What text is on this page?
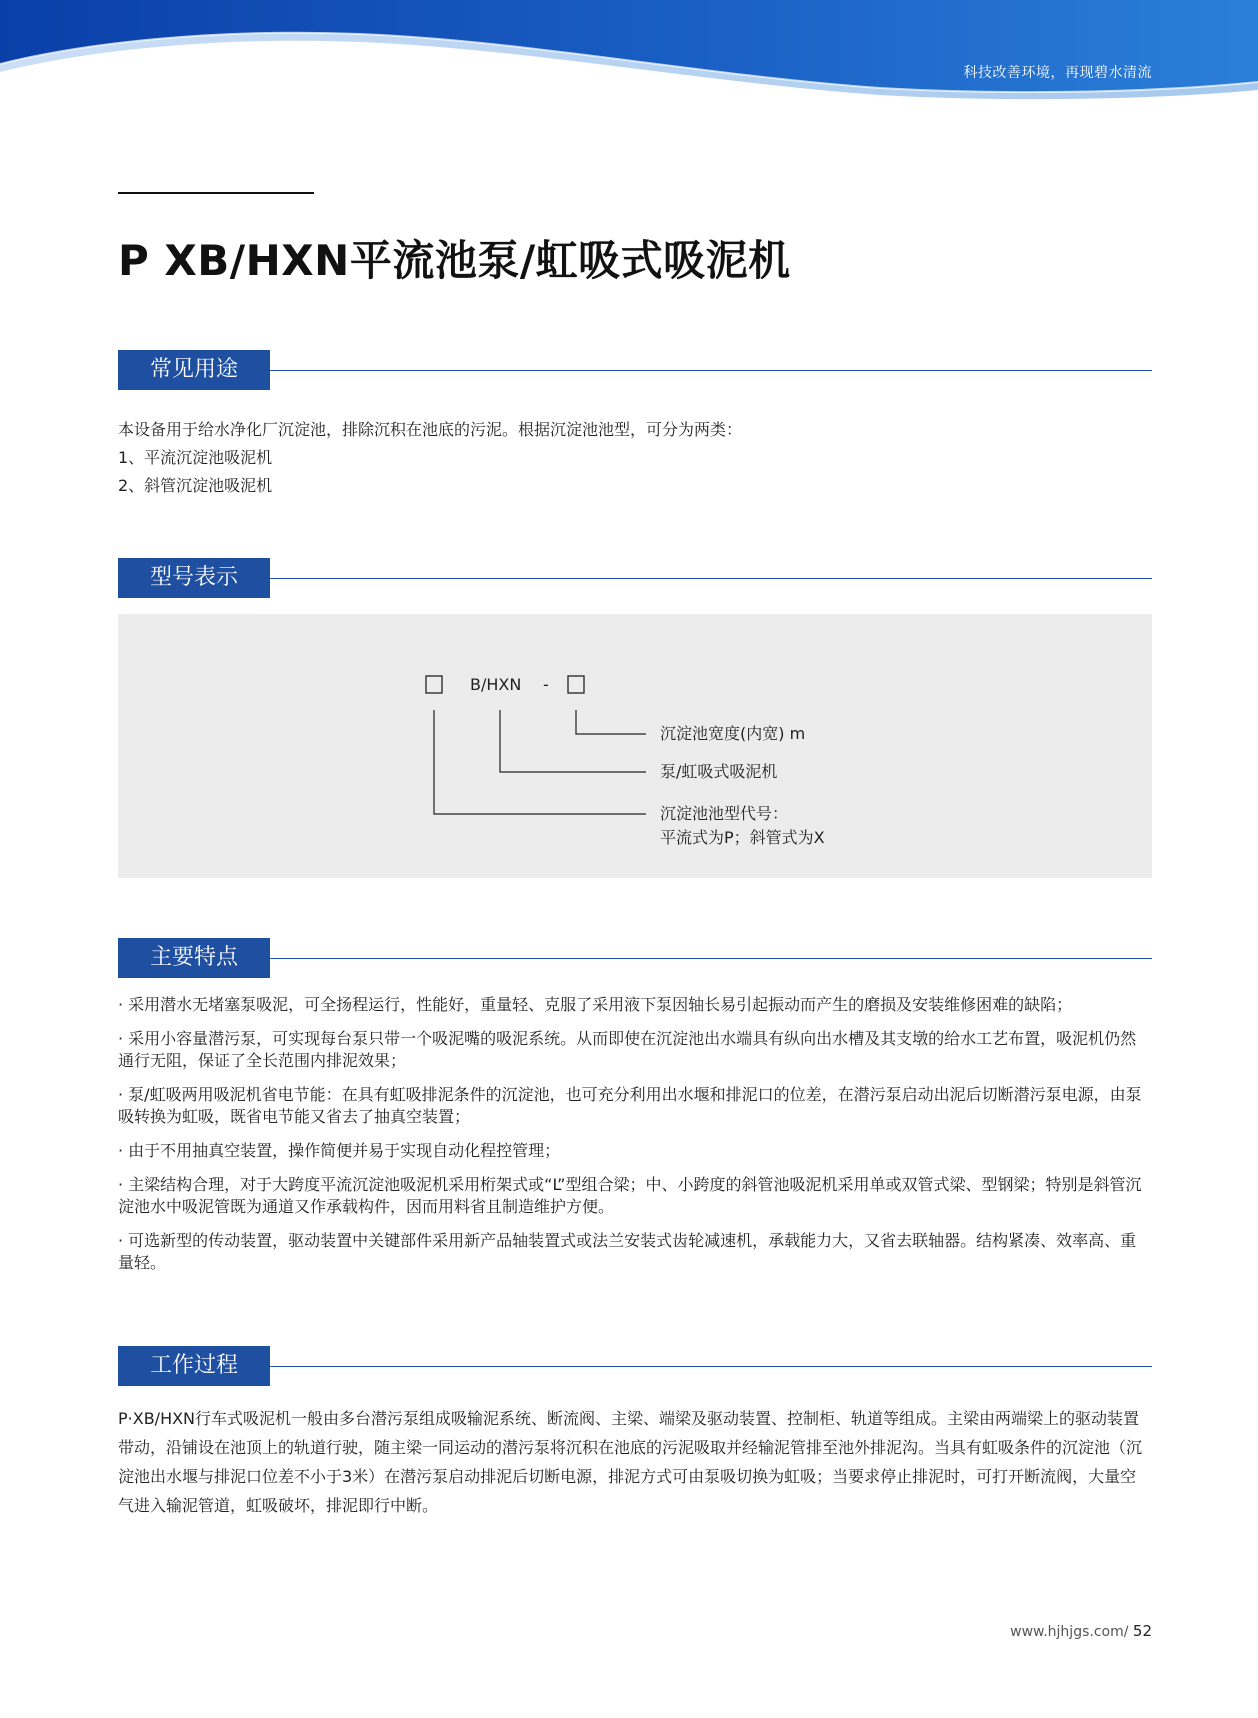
科技改善环境，再现碧水清流
P XB/HXN平流池泵/虹吸式吸泥机
常见用途

本设备用于给水净化厂沉淀池，排除沉积在池底的污泥。根据沉淀池池型，可分为两类：

1、平流沉淀池吸泥机

2、斜管沉淀池吸泥机

型号表示
B/HXN -
沉淀池宽度(内宽) m
泵/虹吸式吸泥机
沉淀池池型代号：
平流式为P；斜管式为X
主要特点
· 采用潜水无堵塞泵吸泥，可全扬程运行，性能好，重量轻、克服了采用液下泵因轴长易引起振动而产生的磨损及安装维修困难的缺陷；
· 采用小容量潜污泵，可实现每台泵只带一个吸泥嘴的吸泥系统。从而即使在沉淀池出水端具有纵向出水槽及其支墩的给水工艺布置，吸泥机仍然通行无阻，保证了全长范围内排泥效果；
· 泵/虹吸两用吸泥机省电节能：在具有虹吸排泥条件的沉淀池，也可充分利用出水堰和排泥口的位差，在潜污泵启动出泥后切断潜污泵电源，由泵吸转换为虹吸，既省电节能又省去了抽真空装置；
· 由于不用抽真空装置，操作简便并易于实现自动化程控管理；
· 主梁结构合理，对于大跨度平流沉淀池吸泥机采用桁架式或“L”型组合梁；中、小跨度的斜管池吸泥机采用单或双管式梁、型钢梁；特别是斜管沉淀池水中吸泥管既为通道又作承载构件，因而用料省且制造维护方便。
· 可选新型的传动装置，驱动装置中关键部件采用新产品轴装置式或法兰安装式齿轮减速机，承载能力大，又省去联轴器。结构紧凑、效率高、重量轻。
工作过程

P·XB/HXN行车式吸泥机一般由多台潜污泵组成吸输泥系统、断流阀、主梁、端梁及驱动装置、控制柜、轨道等组成。主梁由两端梁上的驱动装置带动，沿铺设在池顶上的轨道行驶，随主梁一同运动的潜污泵将沉积在池底的污泥吸取并经输泥管排至池外排泥沟。当具有虹吸条件的沉淀池（沉淀池出水堰与排泥口位差不小于3米）在潜污泵启动排泥后切断电源，排泥方式可由泵吸切换为虹吸；当要求停止排泥时，可打开断流阀，大量空气进入输泥管道，虹吸破坏，排泥即行中断。

www.hjhjgs.com/ 52
